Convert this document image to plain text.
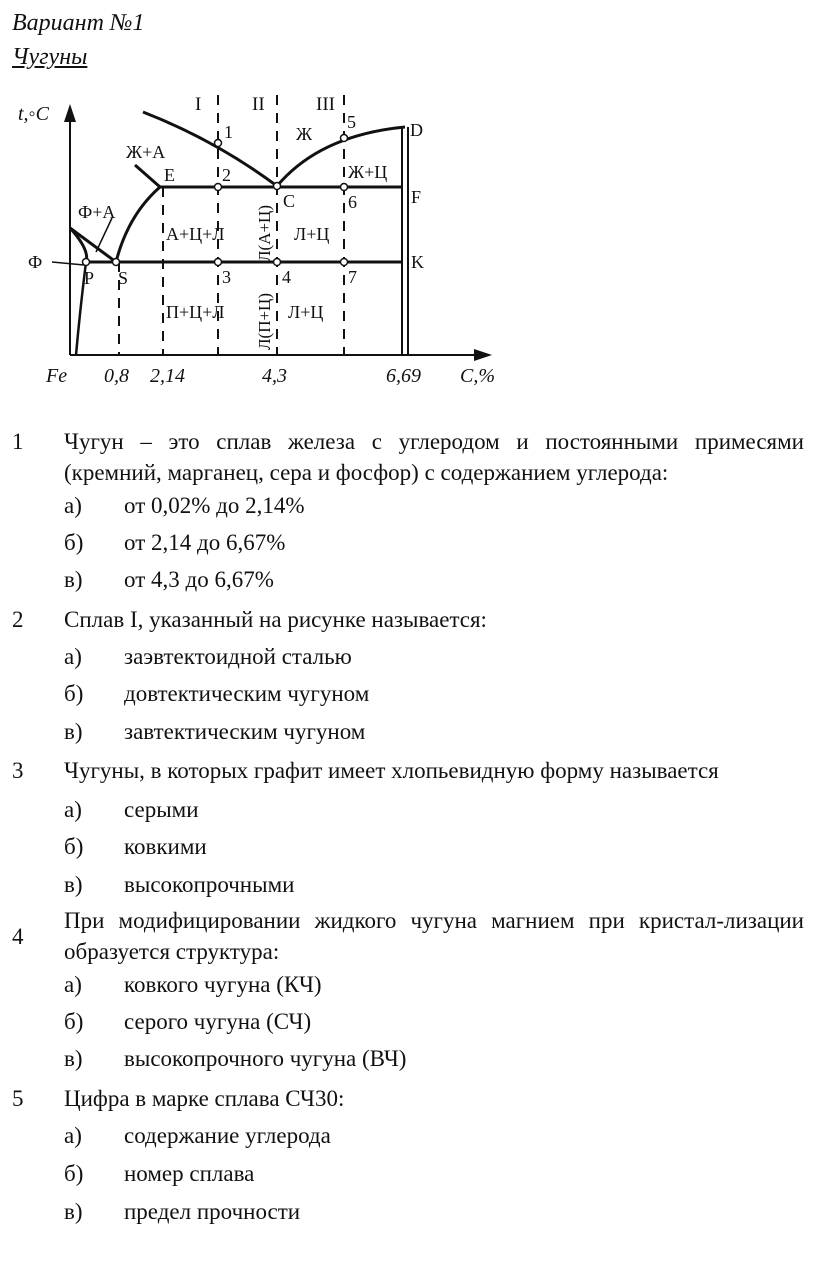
Вариант №1
Чугуны
t,◦C
С,%
Fe 0,8 2,14	4,3	6,69
I	II	III
1
2
3	4
5
6
7
D
E
C	F
P S
K
Ф
Ж
Ж+А
Ж+Ц
Ф+А
А+Ц+Л	Л+Ц
П+Ц+Л	Л+Ц
Л(А+Ц)
Л(П+Ц)
1 Чугун – это сплав железа с углеродом и постоянными примесями (кремний, марганец, сера и фосфор) с содержанием углерода:
а) от 0,02% до 2,14%
б) от 2,14 до 6,67%
в) от 4,3 до 6,67%
2 Сплав I, указанный на рисунке называется:
а) заэвтектоидной сталью
б) довтектическим чугуном
в) завтектическим чугуном
3 Чугуны, в которых графит имеет хлопьевидную форму называется
а) серыми
б) ковкими
в) высокопрочными
4
При модифицировании жидкого чугуна магнием при кристал-лизации образуется структура:
а) ковкого чугуна (КЧ)
б) серого чугуна (СЧ)
в) высокопрочного чугуна (ВЧ)
5 Цифра в марке сплава СЧ30:
а) содержание углерода
б) номер сплава
в) предел прочности
